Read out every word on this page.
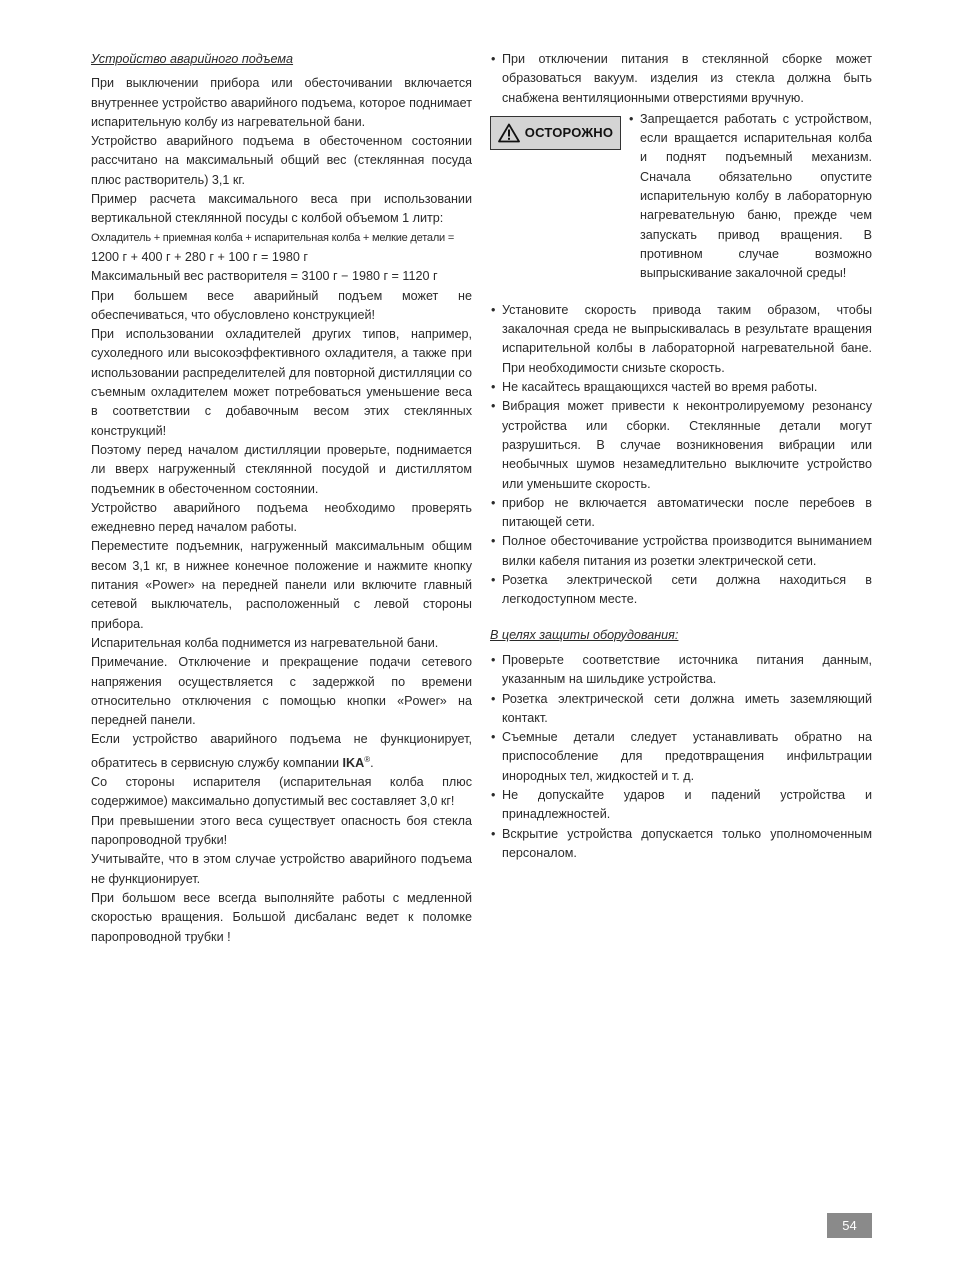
Устройство аварийного подъема

При выключении прибора или обесточивании включается внутреннее устройство аварийного подъема, которое поднимает испарительную колбу из нагревательной бани.

Устройство аварийного подъема в обесточенном состоянии рассчитано на максимальный общий вес (стеклянная посуда плюс растворитель) 3,1 кг.

Пример расчета максимального веса при использовании вертикальной стеклянной посуды с колбой объемом 1 литр:

Охладитель + приемная колба + испарительная колба + мелкие детали =

1200 г + 400 г + 280 г + 100 г = 1980 г

Максимальный вес растворителя = 3100 г − 1980 г = 1120 г

При большем весе аварийный подъем может не обеспечиваться, что обусловлено конструкцией!

При использовании охладителей других типов, например, сухоледного или высокоэффективного охладителя, а также при использовании распределителей для повторной дистилляции со съемным охладителем может потребоваться уменьшение веса в соответствии с добавочным весом этих стеклянных конструкций!

Поэтому перед началом дистилляции проверьте, поднимается ли вверх нагруженный стеклянной посудой и дистиллятом подъемник в обесточенном состоянии.

Устройство аварийного подъема необходимо проверять ежедневно перед началом работы.

Переместите подъемник, нагруженный максимальным общим весом 3,1 кг, в нижнее конечное положение и нажмите кнопку питания «Power» на передней панели или включите главный сетевой выключатель, расположенный с левой стороны прибора.

Испарительная колба поднимется из нагревательной бани.

Примечание. Отключение и прекращение подачи сетевого напряжения осуществляется с задержкой по времени относительно отключения с помощью кнопки «Power» на передней панели.

Если устройство аварийного подъема не функционирует, обратитесь в сервисную службу компании IKA®.

Со стороны испарителя (испарительная колба плюс содержимое) максимально допустимый вес составляет 3,0 кг!

При превышении этого веса существует опасность боя стекла паропроводной трубки!

Учитывайте, что в этом случае устройство аварийного подъема не функционирует.

При большом весе всегда выполняйте работы с медленной скоростью вращения. Большой дисбаланс ведет к поломке паропроводной трубки !

• При отключении питания в стеклянной сборке может образоваться вакуум. изделия из стекла должна быть снабжена вентиляционными отверстиями вручную.
ОСТОРОЖНО
• Запрещается работать с устройством, если вращается испарительная колба и поднят подъемный механизм. Сначала обязательно опустите испарительную колбу в лабораторную нагревательную баню, прежде чем запускать привод вращения. В противном случае возможно выпрыскивание закалочной среды!
• Установите скорость привода таким образом, чтобы закалочная среда не выпрыскивалась в результате вращения испарительной колбы в лабораторной нагревательной бане. При необходимости снизьте скорость.
• Не касайтесь вращающихся частей во время работы.
• Вибрация может привести к неконтролируемому резонансу устройства или сборки. Стеклянные детали могут разрушиться. В случае возникновения вибрации или необычных шумов незамедлительно выключите устройство или уменьшите скорость.
• прибор не включается автоматически после перебоев в питающей сети.
• Полное обесточивание устройства производится выниманием вилки кабеля питания из розетки электрической сети.
• Розетка электрической сети должна находиться в легкодоступном месте.

В целях защиты оборудования:

• Проверьте соответствие источника питания данным, указанным на шильдике устройства.
• Розетка электрической сети должна иметь заземляющий контакт.
• Съемные детали следует устанавливать обратно на приспособление для предотвращения инфильтрации инородных тел, жидкостей и т. д.
• Не допускайте ударов и падений устройства и принадлежностей.
• Вскрытие устройства допускается только уполномоченным персоналом.
54
